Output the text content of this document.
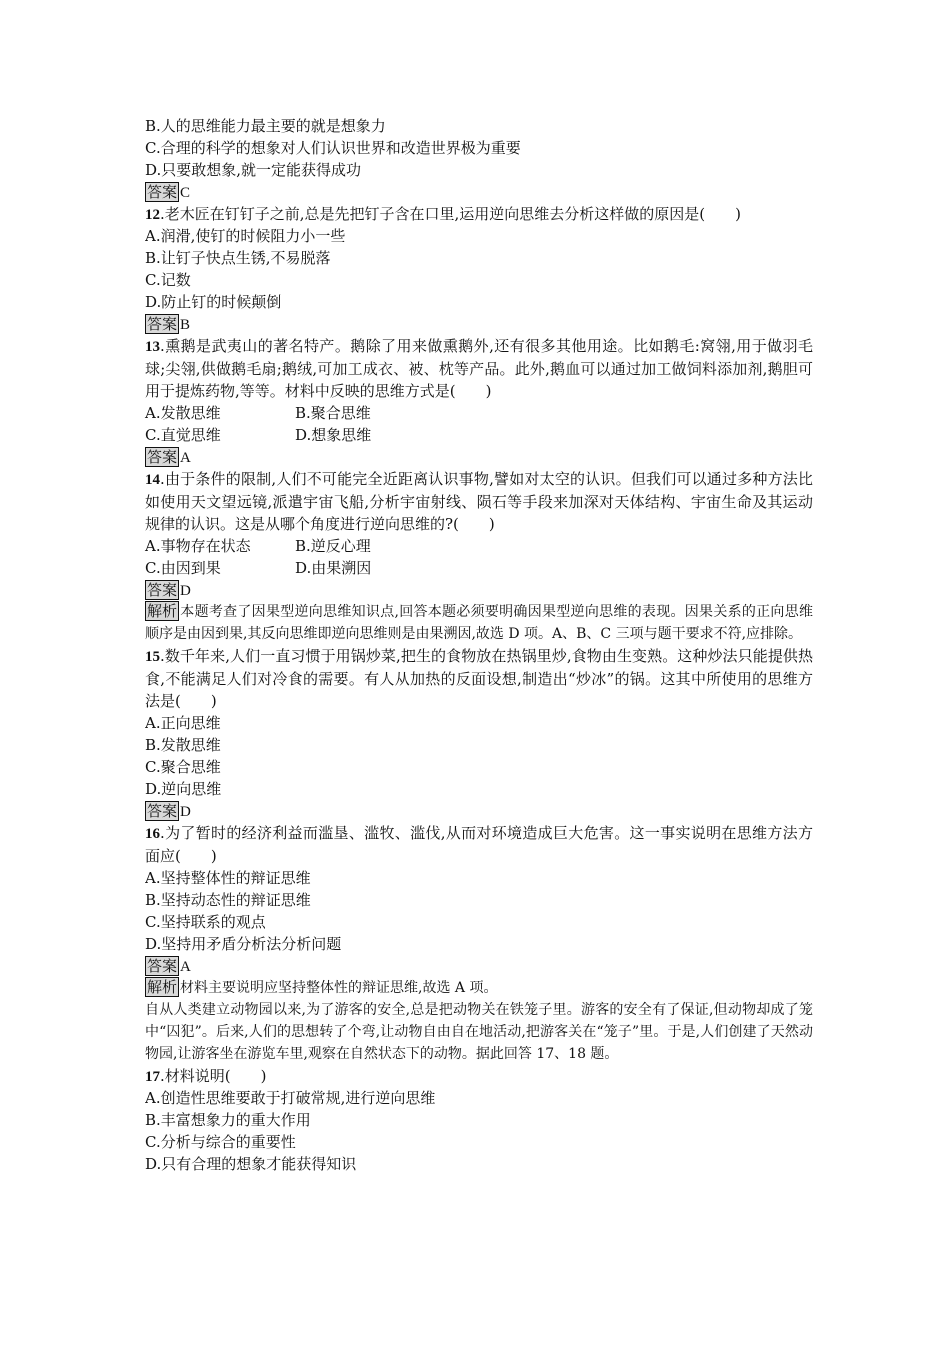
B.人的思维能力最主要的就是想象力
C.合理的科学的想象对人们认识世界和改造世界极为重要
D.只要敢想象,就一定能获得成功
答案 C
12.老木匠在钉钉子之前,总是先把钉子含在口里,运用逆向思维去分析这样做的原因是(　　)
A.润滑,使钉的时候阻力小一些
B.让钉子快点生锈,不易脱落
C.记数
D.防止钉的时候颠倒
答案 B
13.熏鹅是武夷山的著名特产。鹅除了用来做熏鹅外,还有很多其他用途。比如鹅毛:窝翎,用于做羽毛球;尖翎,供做鹅毛扇;鹅绒,可加工成衣、被、枕等产品。此外,鹅血可以通过加工做饲料添加剂,鹅胆可用于提炼药物,等等。材料中反映的思维方式是(　　)
A.发散思维	B.聚合思维
C.直觉思维	D.想象思维
答案 A
14.由于条件的限制,人们不可能完全近距离认识事物,譬如对太空的认识。但我们可以通过多种方法比如使用天文望远镜,派遣宇宙飞船,分析宇宙射线、陨石等手段来加深对天体结构、宇宙生命及其运动规律的认识。这是从哪个角度进行逆向思维的?(　　)
A.事物存在状态	B.逆反心理
C.由因到果	D.由果溯因
答案 D
解析 本题考查了因果型逆向思维知识点,回答本题必须要明确因果型逆向思维的表现。因果关系的正向思维顺序是由因到果,其反向思维即逆向思维则是由果溯因,故选 D 项。A、B、C 三项与题干要求不符,应排除。
15.数千年来,人们一直习惯于用锅炒菜,把生的食物放在热锅里炒,食物由生变熟。这种炒法只能提供热食,不能满足人们对冷食的需要。有人从加热的反面设想,制造出“炒冰”的锅。这其中所使用的思维方法是(　　)
A.正向思维
B.发散思维
C.聚合思维
D.逆向思维
答案 D
16.为了暂时的经济利益而滥垦、滥牧、滥伐,从而对环境造成巨大危害。这一事实说明在思维方法方面应(　　)
A.坚持整体性的辩证思维
B.坚持动态性的辩证思维
C.坚持联系的观点
D.坚持用矛盾分析法分析问题
答案 A
解析 材料主要说明应坚持整体性的辩证思维,故选 A 项。
自从人类建立动物园以来,为了游客的安全,总是把动物关在铁笼子里。游客的安全有了保证,但动物却成了笼中“囚犯”。后来,人们的思想转了个弯,让动物自由自在地活动,把游客关在“笼子”里。于是,人们创建了天然动物园,让游客坐在游览车里,观察在自然状态下的动物。据此回答 17、18 题。
17.材料说明(　　)
A.创造性思维要敢于打破常规,进行逆向思维
B.丰富想象力的重大作用
C.分析与综合的重要性
D.只有合理的想象才能获得知识
